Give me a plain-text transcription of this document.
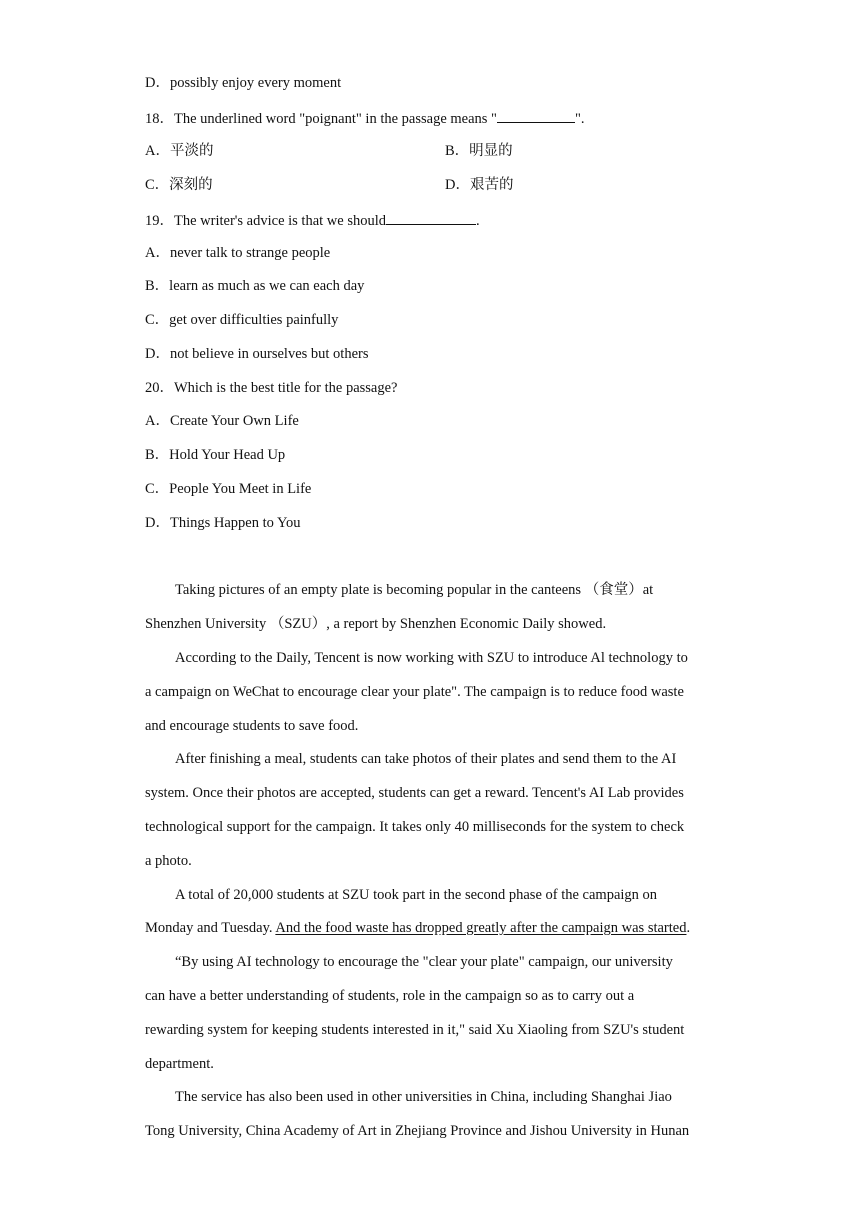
D．possibly enjoy every moment
18．The underlined word "poignant" in the passage means "	".
A．平淡的	B．明显的
C．深刻的	D．艰苦的
19．The writer's advice is that we should	.
A．never talk to strange people
B．learn as much as we can each day
C．get over difficulties painfully
D．not believe in ourselves but others
20．Which is the best title for the passage?
A．Create Your Own Life
B．Hold Your Head Up
C．People You Meet in Life
D．Things Happen to You
Taking pictures of an empty plate is becoming popular in the canteens （食堂）at
Shenzhen University （SZU）, a report by Shenzhen Economic Daily showed.
According to the Daily, Tencent is now working with SZU to introduce Al technology to
a campaign on WeChat to encourage clear your plate". The campaign is to reduce food waste
and encourage students to save food.
After finishing a meal, students can take photos of their plates and send them to the AI
system. Once their photos are accepted, students can get a reward. Tencent's AI Lab provides
technological support for the campaign. It takes only 40 milliseconds for the system to check
a photo.
A total of 20,000 students at SZU took part in the second phase of the campaign on
Monday and Tuesday. And the food waste has dropped greatly after the campaign was started.
“By using AI technology to encourage the "clear your plate" campaign, our university
can have a better understanding of students, role in the campaign so as to carry out a
rewarding system for keeping students interested in it," said Xu Xiaoling from SZU's student
department.
The service has also been used in other universities in China, including Shanghai Jiao
Tong University, China Academy of Art in Zhejiang Province and Jishou University in Hunan
